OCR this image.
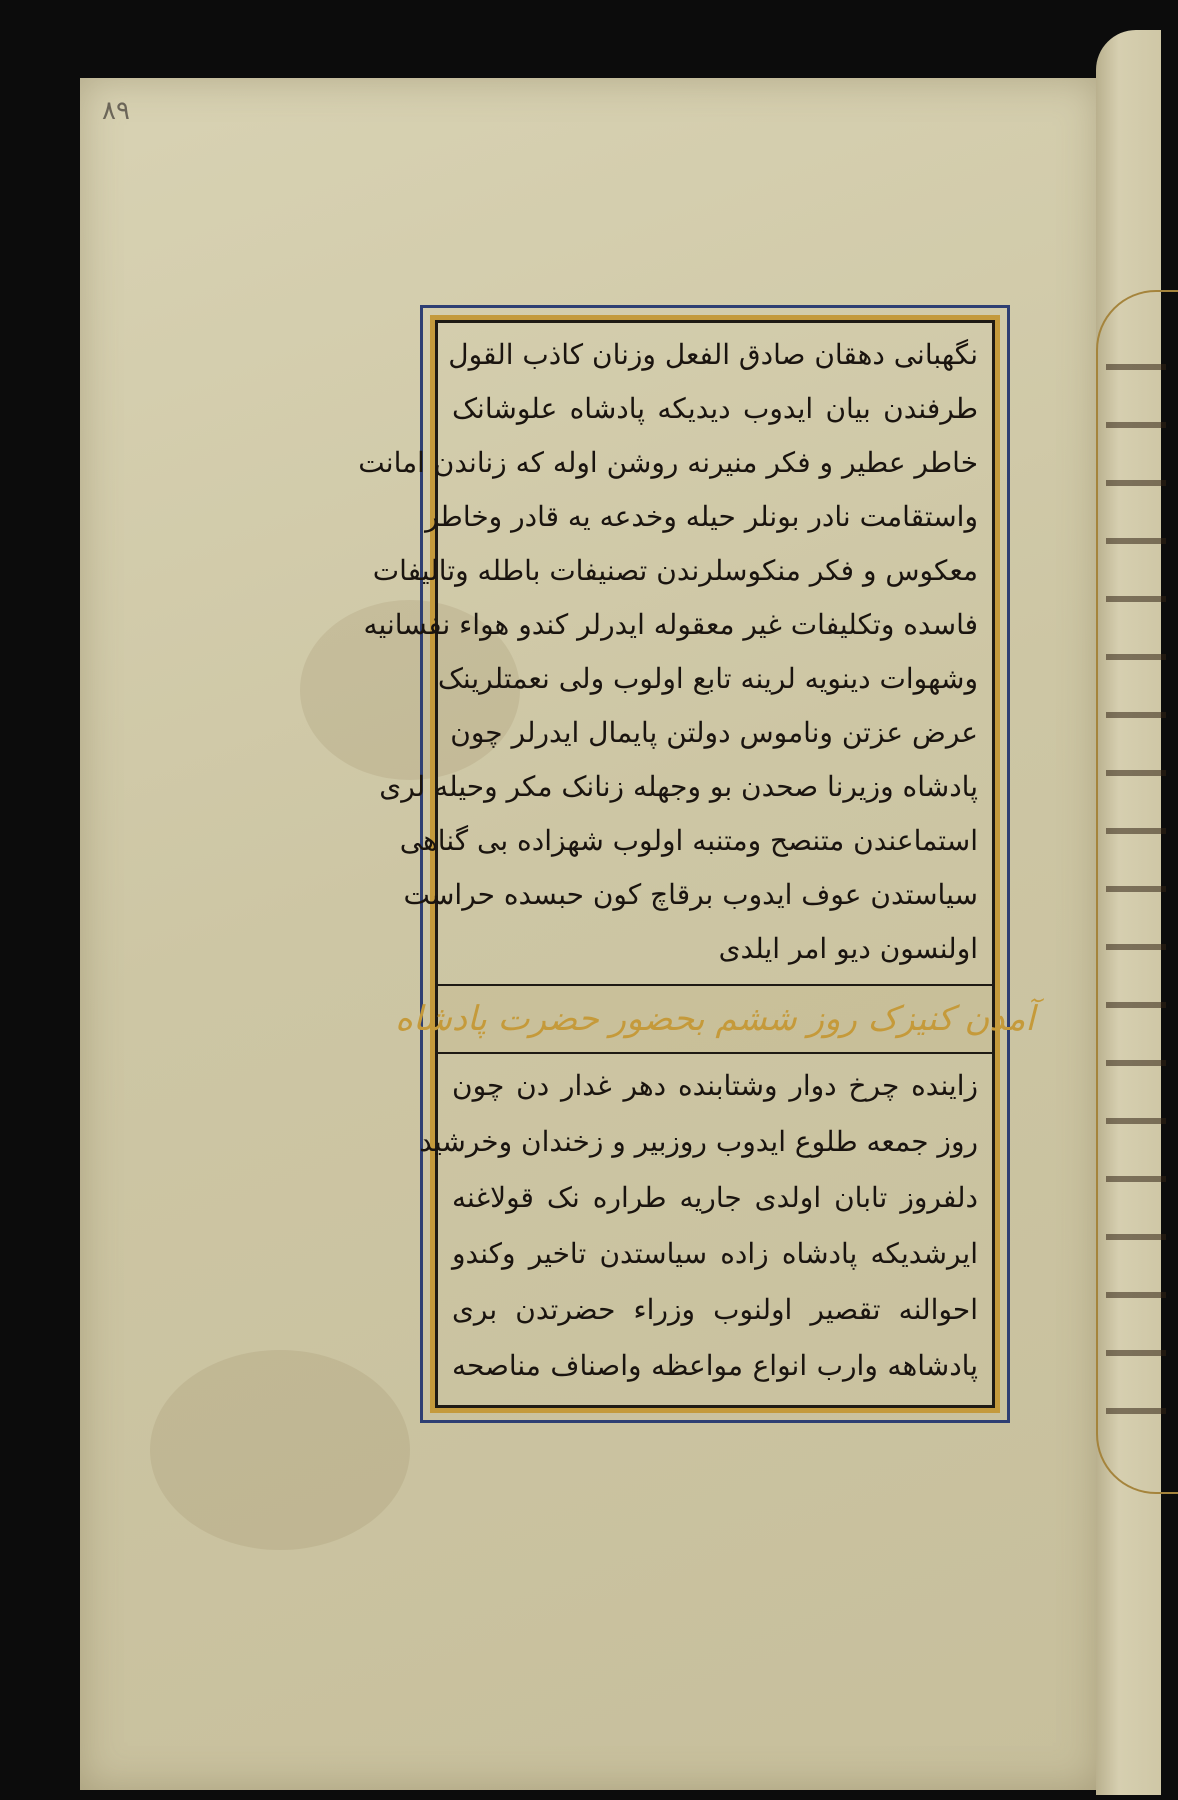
۸۹
نگهبانی دهقان صادق الفعل وزنان کاذب القول
طرفندن بیان ایدوب دیدیکه پادشاه علوشانک
خاطر عطیر و فکر منیرنه روشن اوله که زناندن امانت
واستقامت نادر بونلر حیله وخدعه یه قادر وخاطر
معکوس و فکر منکوسلرندن تصنیفات باطله وتالیفات
فاسده وتکلیفات غیر معقوله ایدرلر کندو هواء نفسانیه
وشهوات دینویه لرینه تابع اولوب ولی نعمتلرینک
عرض عزتن وناموس دولتن پایمال ایدرلر چون
پادشاه وزیرنا صحدن بو وجهله زنانک مکر وحیله لری
استماعندن متنصح ومتنبه اولوب شهزاده بی گناهی
سیاستدن عوف ایدوب برقاچ کون حبسده حراست
اولنسون دیو امر ایلدی
آمدن کنیزک روز ششم بحضور حضرت پادشاه
زاینده چرخ دوار وشتابنده دهر غدار دن چون
روز جمعه طلوع ایدوب روزبیر و زخندان وخرشید
دلفروز تابان اولدی جاریه طراره نک قولاغنه
ایرشدیکه پادشاه زاده سیاستدن تاخیر وکندو
احوالنه تقصیر اولنوب وزراء حضرتدن بری
پادشاهه وارب انواع مواعظه واصناف مناصحه
